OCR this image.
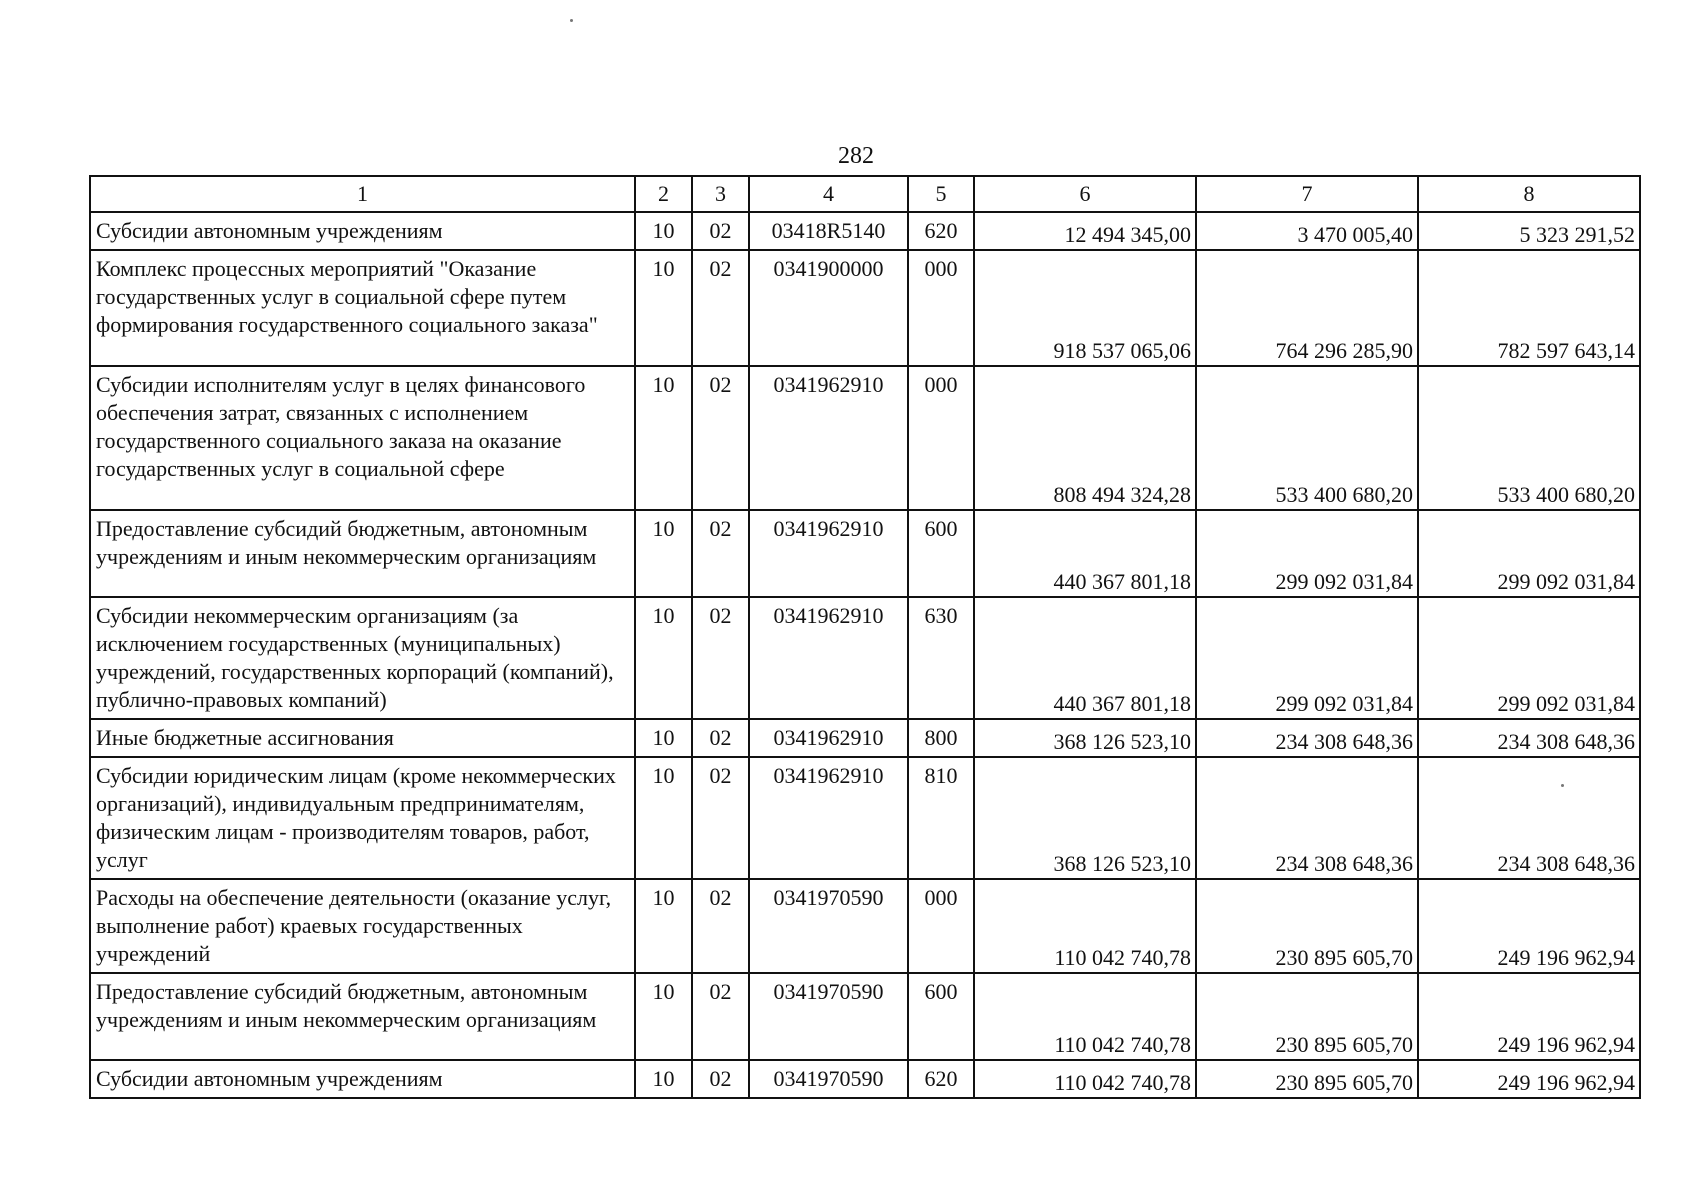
282
1	2	3	4	5	6	7	8
Субсидии автономным учреждениям	10	02	03418R5140	620	12 494 345,00	3 470 005,40	5 323 291,52
Комплекс процессных мероприятий "Оказание государственных услуг в социальной сфере путем формирования государственного социального заказа"	10	02	0341900000	000	918 537 065,06	764 296 285,90	782 597 643,14
Субсидии исполнителям услуг в целях финансового обеспечения затрат, связанных с исполнением государственного социального заказа на оказание государственных услуг в социальной сфере	10	02	0341962910	000	808 494 324,28	533 400 680,20	533 400 680,20
Предоставление субсидий бюджетным, автономным учреждениям и иным некоммерческим организациям	10	02	0341962910	600	440 367 801,18	299 092 031,84	299 092 031,84
Субсидии некоммерческим организациям (за исключением государственных (муниципальных) учреждений, государственных корпораций (компаний), публично-правовых компаний)	10	02	0341962910	630	440 367 801,18	299 092 031,84	299 092 031,84
Иные бюджетные ассигнования	10	02	0341962910	800	368 126 523,10	234 308 648,36	234 308 648,36
Субсидии юридическим лицам (кроме некоммерческих организаций), индивидуальным предпринимателям, физическим лицам - производителям товаров, работ, услуг	10	02	0341962910	810	368 126 523,10	234 308 648,36	234 308 648,36
Расходы на обеспечение деятельности (оказание услуг, выполнение работ) краевых государственных учреждений	10	02	0341970590	000	110 042 740,78	230 895 605,70	249 196 962,94
Предоставление субсидий бюджетным, автономным учреждениям и иным некоммерческим организациям	10	02	0341970590	600	110 042 740,78	230 895 605,70	249 196 962,94
Субсидии автономным учреждениям	10	02	0341970590	620	110 042 740,78	230 895 605,70	249 196 962,94
